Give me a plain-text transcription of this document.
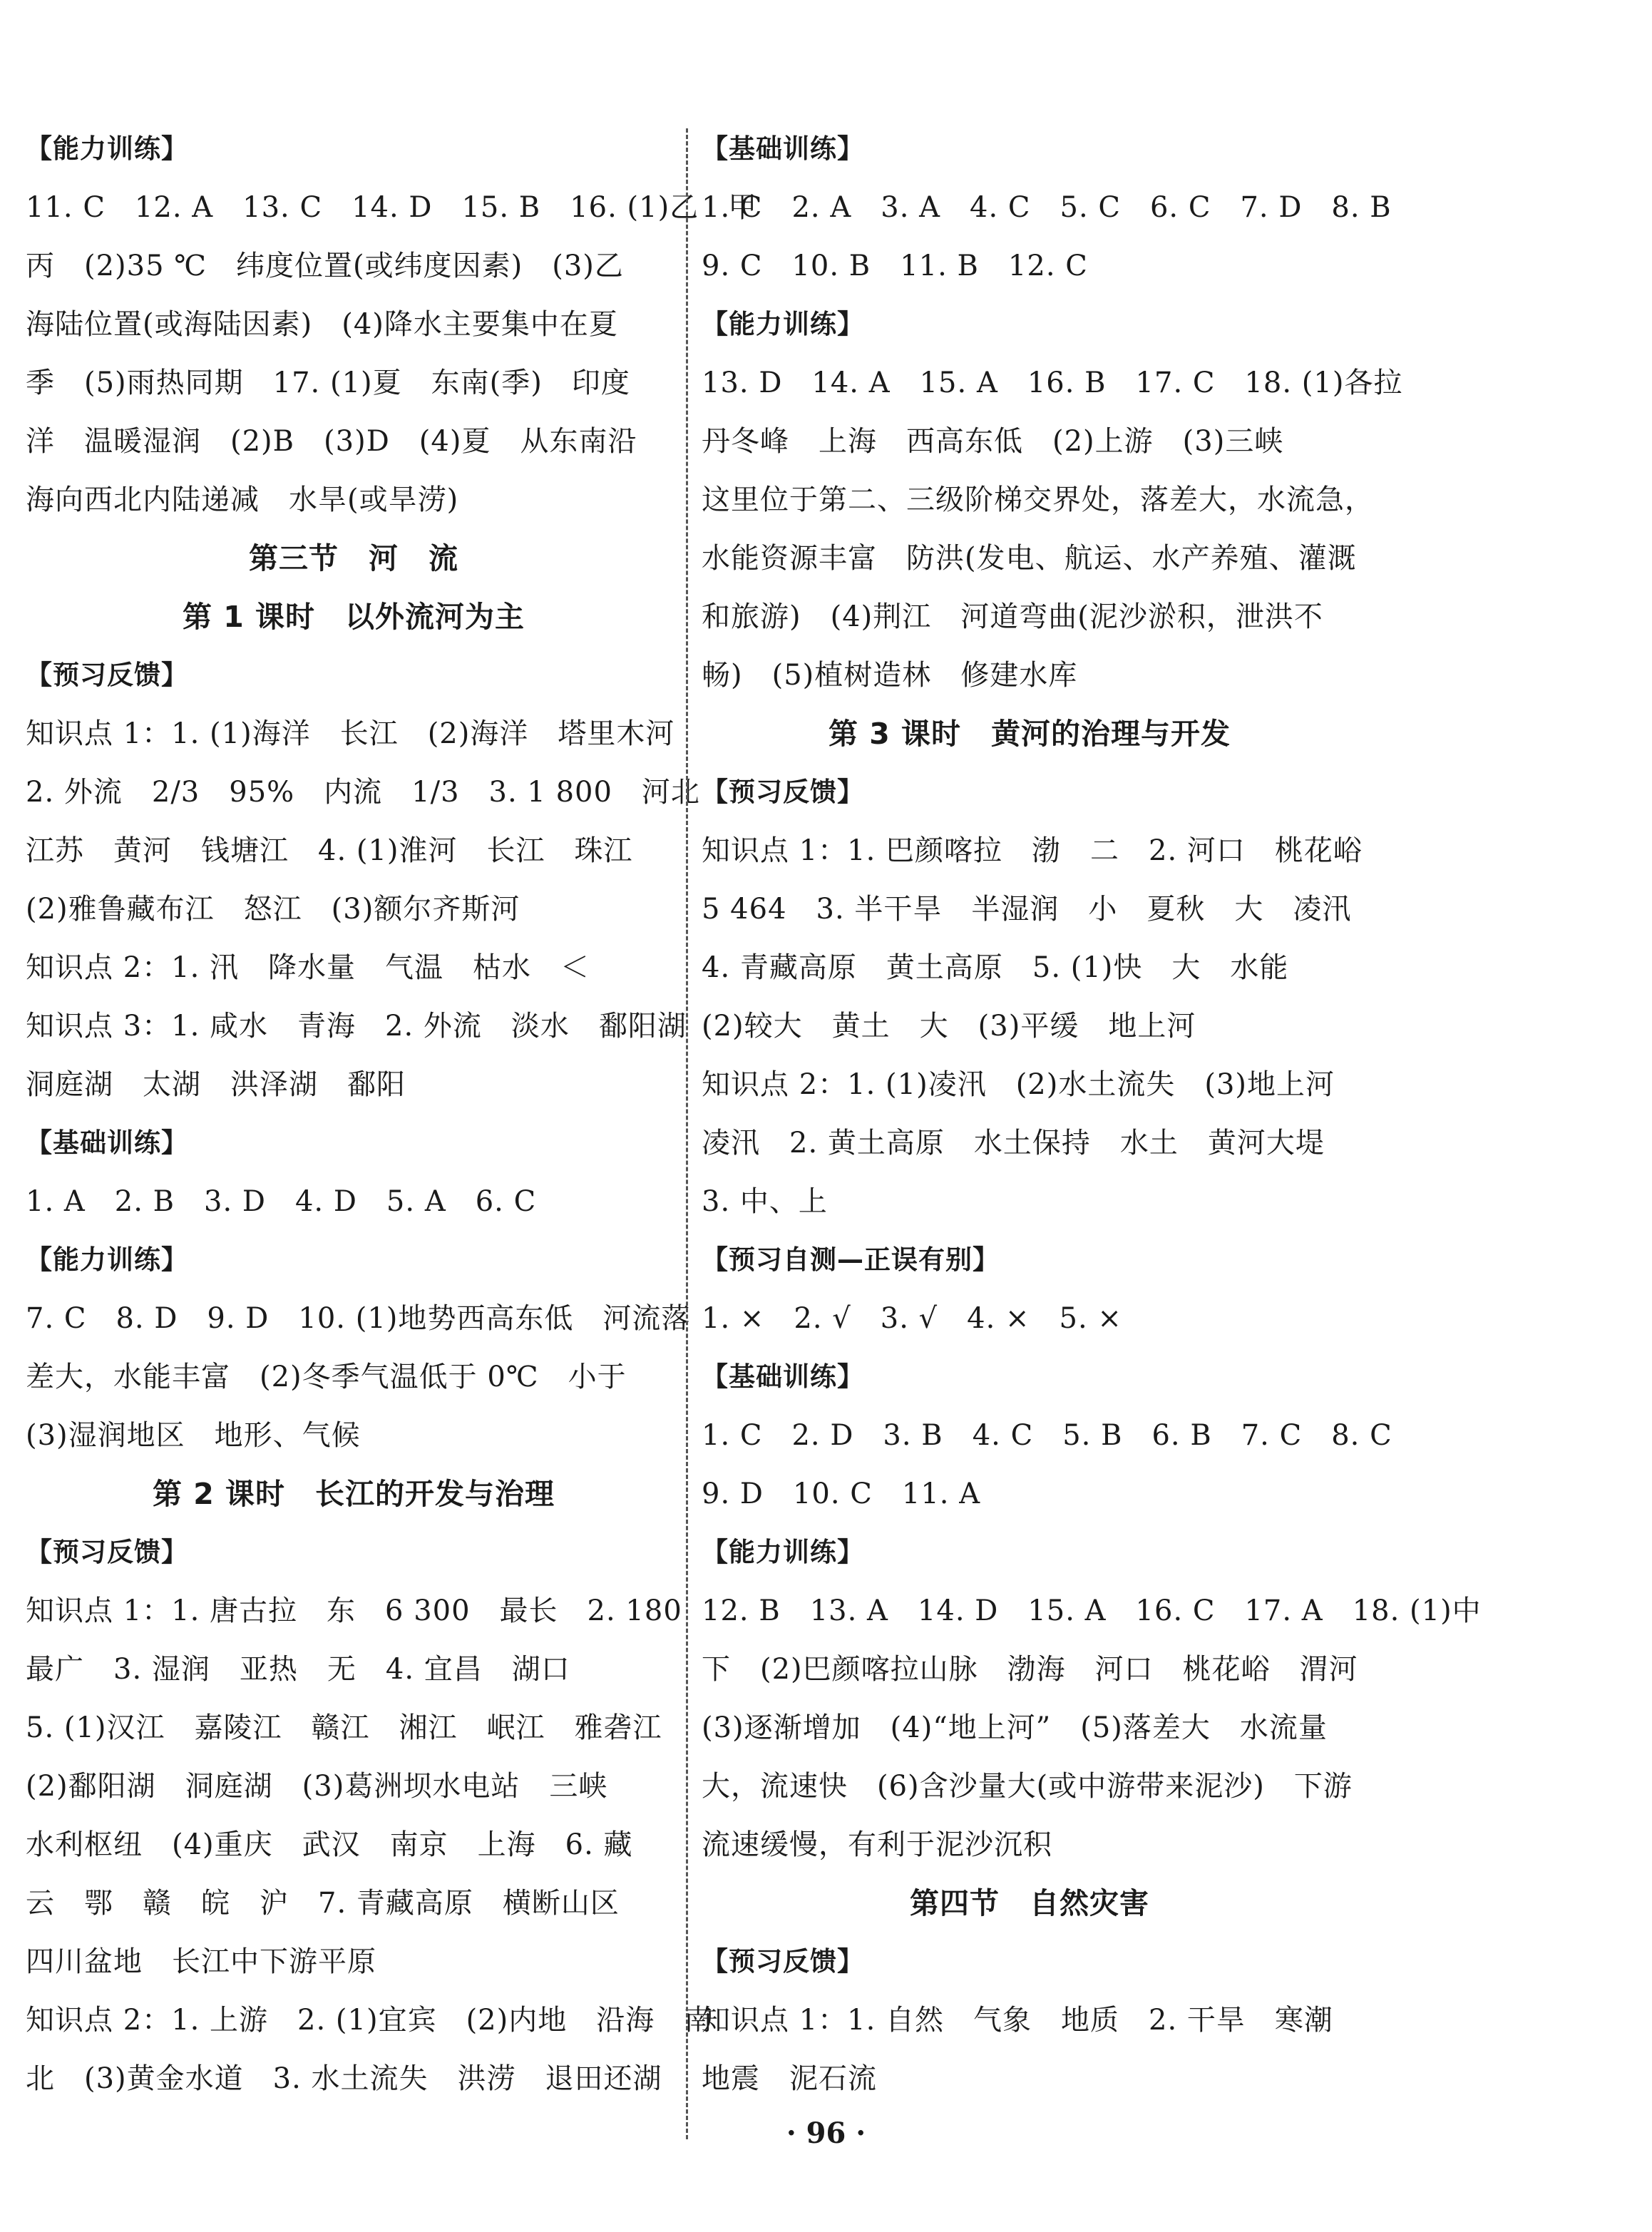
【能力训练】
11. C　12. A　13. C　14. D　15. B　16. (1)乙　甲
丙　(2)35 ℃　纬度位置(或纬度因素)　(3)乙
海陆位置(或海陆因素)　(4)降水主要集中在夏
季　(5)雨热同期　17. (1)夏　东南(季)　印度
洋　温暖湿润　(2)B　(3)D　(4)夏　从东南沿
海向西北内陆递减　水旱(或旱涝)
第三节　河　流
第 1 课时　以外流河为主
【预习反馈】
知识点 1：1. (1)海洋　长江　(2)海洋　塔里木河
2. 外流　2/3　95%　内流　1/3　3. 1 800　河北
江苏　黄河　钱塘江　4. (1)淮河　长江　珠江
(2)雅鲁藏布江　怒江　(3)额尔齐斯河
知识点 2：1. 汛　降水量　气温　枯水　＜
知识点 3：1. 咸水　青海　2. 外流　淡水　鄱阳湖
洞庭湖　太湖　洪泽湖　鄱阳
【基础训练】
1. A　2. B　3. D　4. D　5. A　6. C
【能力训练】
7. C　8. D　9. D　10. (1)地势西高东低　河流落
差大，水能丰富　(2)冬季气温低于 0℃　小于
(3)湿润地区　地形、气候
第 2 课时　长江的开发与治理
【预习反馈】
知识点 1：1. 唐古拉　东　6 300　最长　2. 180
最广　3. 湿润　亚热　无　4. 宜昌　湖口
5. (1)汉江　嘉陵江　赣江　湘江　岷江　雅砻江
(2)鄱阳湖　洞庭湖　(3)葛洲坝水电站　三峡
水利枢纽　(4)重庆　武汉　南京　上海　6. 藏
云　鄂　赣　皖　沪　7. 青藏高原　横断山区
四川盆地　长江中下游平原
知识点 2：1. 上游　2. (1)宜宾　(2)内地　沿海　南
北　(3)黄金水道　3. 水土流失　洪涝　退田还湖
【基础训练】
1. C　2. A　3. A　4. C　5. C　6. C　7. D　8. B
9. C　10. B　11. B　12. C
【能力训练】
13. D　14. A　15. A　16. B　17. C　18. (1)各拉
丹冬峰　上海　西高东低　(2)上游　(3)三峡
这里位于第二、三级阶梯交界处，落差大，水流急，
水能资源丰富　防洪(发电、航运、水产养殖、灌溉
和旅游)　(4)荆江　河道弯曲(泥沙淤积，泄洪不
畅)　(5)植树造林　修建水库
第 3 课时　黄河的治理与开发
【预习反馈】
知识点 1：1. 巴颜喀拉　渤　二　2. 河口　桃花峪
5 464　3. 半干旱　半湿润　小　夏秋　大　凌汛
4. 青藏高原　黄土高原　5. (1)快　大　水能
(2)较大　黄土　大　(3)平缓　地上河
知识点 2：1. (1)凌汛　(2)水土流失　(3)地上河
凌汛　2. 黄土高原　水土保持　水土　黄河大堤
3. 中、上
【预习自测—正误有别】
1. ×　2. √　3. √　4. ×　5. ×
【基础训练】
1. C　2. D　3. B　4. C　5. B　6. B　7. C　8. C
9. D　10. C　11. A
【能力训练】
12. B　13. A　14. D　15. A　16. C　17. A　18. (1)中
下　(2)巴颜喀拉山脉　渤海　河口　桃花峪　渭河
(3)逐渐增加　(4)“地上河”　(5)落差大　水流量
大，流速快　(6)含沙量大(或中游带来泥沙)　下游
流速缓慢，有利于泥沙沉积
第四节　自然灾害
【预习反馈】
知识点 1：1. 自然　气象　地质　2. 干旱　寒潮
地震　泥石流
· 96 ·
